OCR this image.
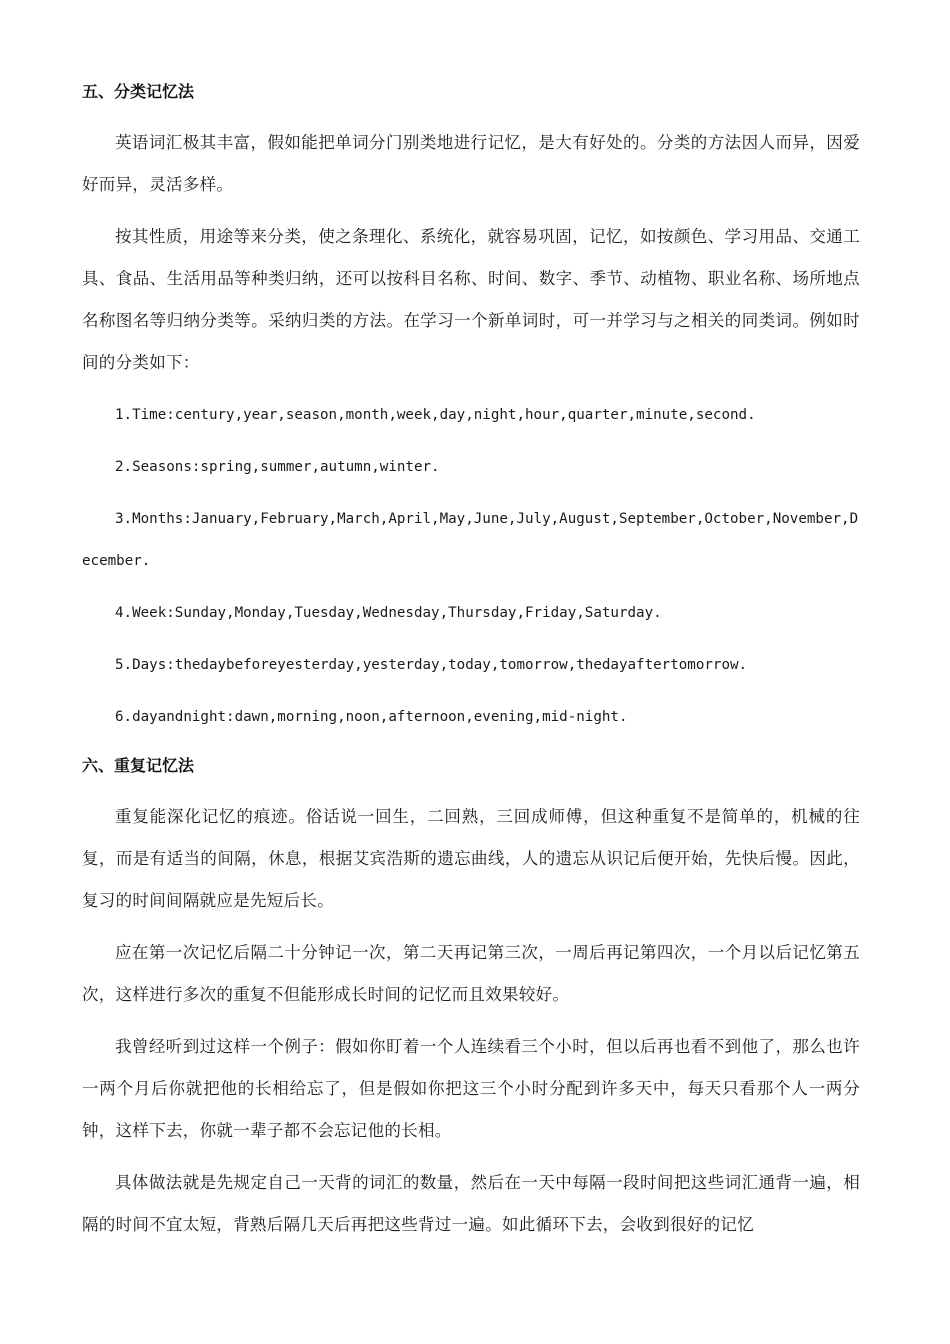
五、分类记忆法

英语词汇极其丰富，假如能把单词分门别类地进行记忆，是大有好处的。分类的方法因人而异，因爱好而异，灵活多样。

按其性质，用途等来分类，使之条理化、系统化，就容易巩固，记忆，如按颜色、学习用品、交通工具、食品、生活用品等种类归纳，还可以按科目名称、时间、数字、季节、动植物、职业名称、场所地点名称图名等归纳分类等。采纳归类的方法。在学习一个新单词时，可一并学习与之相关的同类词。例如时间的分类如下：

1.Time:century,year,season,month,week,day,night,hour,quarter,minute,second.

2.Seasons:spring,summer,autumn,winter.

3.Months:January,February,March,April,May,June,July,August,September,October,November,December.

4.Week:Sunday,Monday,Tuesday,Wednesday,Thursday,Friday,Saturday.

5.Days:thedaybeforeyesterday,yesterday,today,tomorrow,thedayaftertomorrow.

6.dayandnight:dawn,morning,noon,afternoon,evening,mid-night.

六、重复记忆法

重复能深化记忆的痕迹。俗话说一回生，二回熟，三回成师傅，但这种重复不是简单的，机械的往复，而是有适当的间隔，休息，根据艾宾浩斯的遗忘曲线，人的遗忘从识记后便开始，先快后慢。因此，复习的时间间隔就应是先短后长。

应在第一次记忆后隔二十分钟记一次，第二天再记第三次，一周后再记第四次，一个月以后记忆第五次，这样进行多次的重复不但能形成长时间的记忆而且效果较好。

我曾经听到过这样一个例子：假如你盯着一个人连续看三个小时，但以后再也看不到他了，那么也许一两个月后你就把他的长相给忘了，但是假如你把这三个小时分配到许多天中，每天只看那个人一两分钟，这样下去，你就一辈子都不会忘记他的长相。

具体做法就是先规定自己一天背的词汇的数量，然后在一天中每隔一段时间把这些词汇通背一遍，相隔的时间不宜太短，背熟后隔几天后再把这些背过一遍。如此循环下去，会收到很好的记忆
